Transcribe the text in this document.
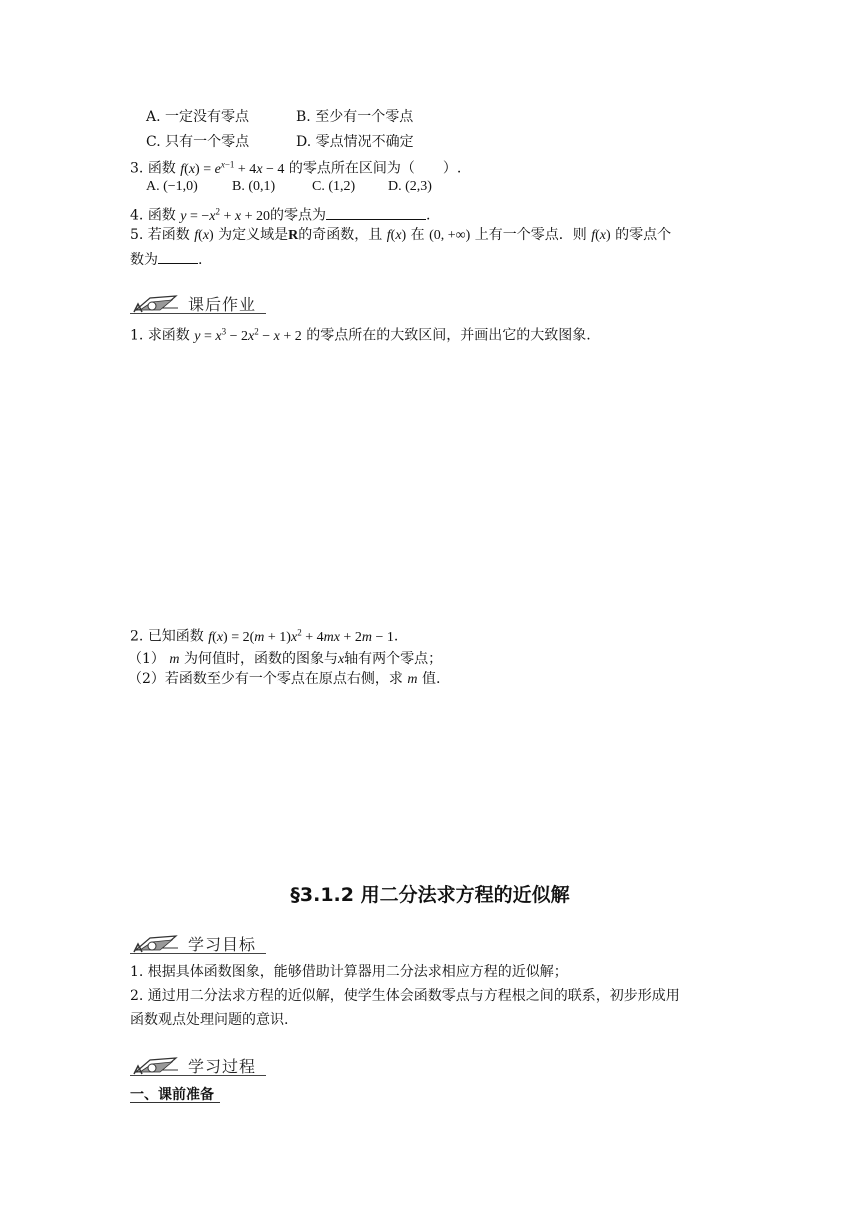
A. 一定没有零点	B. 至少有一个零点
C. 只有一个零点	D. 零点情况不确定
3. 函数 $f(x) = e^{x-1} + 4x - 4$ 的零点所在区间为（　　）.
A. (−1,0) B. (0,1)	C. (1,2) D. (2,3)
4. 函数 $y = -x^2 + x + 20$的零点为	.
5. 若函数 f(x) 为定义域是R的奇函数，且 f(x) 在 (0, +∞) 上有一个零点．则 f(x) 的零点个
数为	.
课后作业
1. 求函数 $y = x^3 - 2x^2 - x + 2$ 的零点所在的大致区间，并画出它的大致图象.
2. 已知函数 $f(x) = 2(m + 1)x^2 + 4mx + 2m - 1$.
（1） m 为何值时，函数的图象与x轴有两个零点；
（2）若函数至少有一个零点在原点右侧，求 m 值.
§3.1.2 用二分法求方程的近似解
学习目标
1. 根据具体函数图象，能够借助计算器用二分法求相应方程的近似解；
2. 通过用二分法求方程的近似解，使学生体会函数零点与方程根之间的联系，初步形成用
函数观点处理问题的意识.
学习过程
一、课前准备
